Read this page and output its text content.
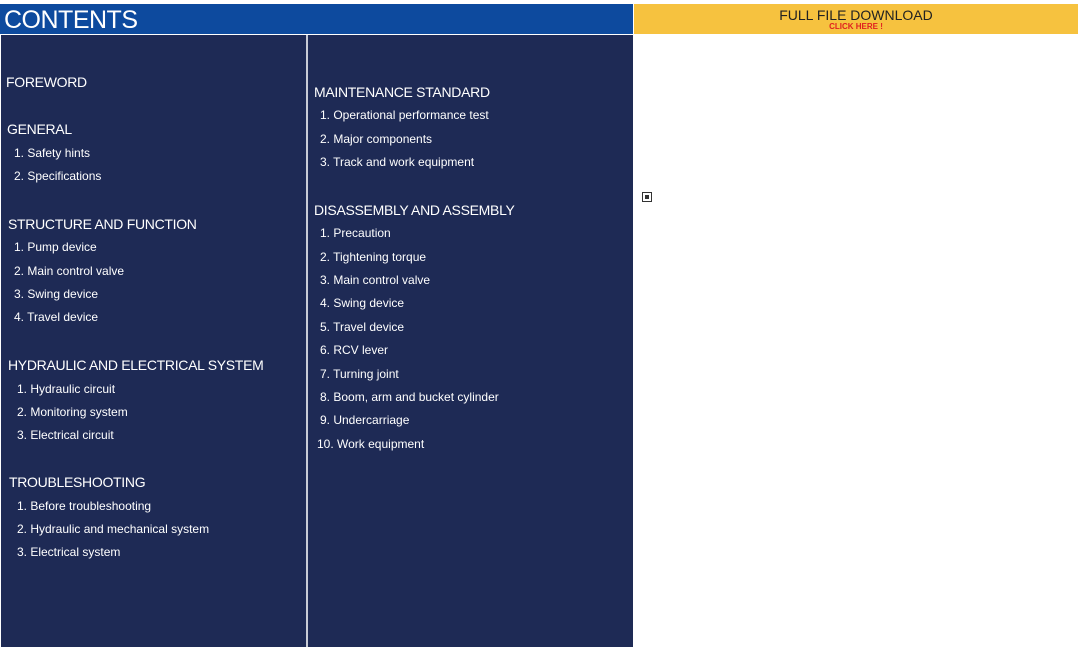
CONTENTS	FULL FILE DOWNLOAD
CLICK HERE !
FOREWORD
GENERAL
1. Safety hints
2. Specifications
STRUCTURE AND FUNCTION
1. Pump device
2. Main control valve
3. Swing device
4. Travel device
HYDRAULIC AND ELECTRICAL SYSTEM
1. Hydraulic circuit
2. Monitoring system
3. Electrical circuit
TROUBLESHOOTING
1. Before troubleshooting
2. Hydraulic and mechanical system
3. Electrical system
MAINTENANCE STANDARD
1. Operational performance test
2. Major components
3. Track and work equipment
DISASSEMBLY AND ASSEMBLY
1. Precaution
2. Tightening torque
3. Main control valve
4. Swing device
5. Travel device
6. RCV lever
7. Turning joint
8. Boom, arm and bucket cylinder
9. Undercarriage
10. Work equipment
